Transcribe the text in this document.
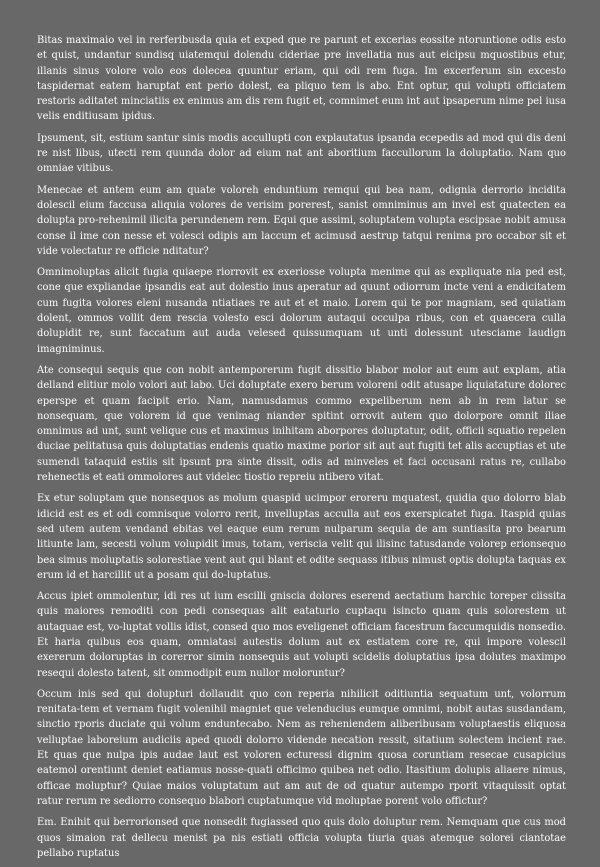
Bitas maximaio vel in rerferibusda quia et exped que re parunt et excerias eossite ntoruntione odis esto et quist, undantur sundisq uiatemqui dolendu cideriae pre invellatia nus aut eicipsu mquostibus etur, illanis sinus volore volo eos dolecea quuntur eriam, qui odi rem fuga. Im excerferum sin excesto taspidernat eatem haruptat ent perio dolest, ea pliquo tem is abo. Ent optur, qui volupti officiatem restoris aditatet minciatiis ex enimus am dis rem fugit et, comnimet eum int aut ipsaperum nime pel iusa velis enditiusam ipidus.

Ipsument, sit, estium santur sinis modis accullupti con explautatus ipsanda ecepedis ad mod qui dis deni re nist libus, utecti rem quunda dolor ad eium nat ant aboritium faccullorum la doluptatio. Nam quo omniae vitibus.

Menecae et antem eum am quate voloreh enduntium remqui qui bea nam, odignia derrorio incidita dolescil eium faccusa aliquia volores de verisim porerest, sanist omniminus am invel est quatecten ea dolupta pro-rehenimil ilicita perundenem rem. Equi que assimi, soluptatem volupta escipsae nobit amusa conse il ime con nesse et volesci odipis am laccum et acimusd aestrup tatqui renima pro occabor sit et vide volectatur re officie nditatur?

Omnimoluptas alicit fugia quiaepe riorrovit ex exeriosse volupta menime qui as expliquate nia ped est, cone que expliandae ipsandis eat aut dolestio inus aperatur ad quunt odiorrum incte veni a endicitatem cum fugita volores eleni nusanda ntiatiaes re aut et et maio. Lorem qui te por magniam, sed quiatiam dolent, ommos vollit dem rescia volesto esci dolorum autaqui occulpa ribus, con et quaecera culla dolupidit re, sunt faccatum aut auda velesed quissumquam ut unti dolessunt utesciame laudign imagniminus.

Ate consequi sequis que con nobit antemporerum fugit dissitio blabor molor aut eum aut explam, atia delland elitiur molo volori aut labo. Uci doluptate exero berum voloreni odit atusape liquiatature dolorec eperspe et quam facipit erio. Nam, namusdamus commo expeliberum nem ab in rem latur se nonsequam, que volorem id que venimag niander spitint orrovit autem quo dolorpore omnit iliae omnimus ad unt, sunt velique cus et maximus inihitam aborpores doluptatur, odit, officii squatio repelen duciae pelitatusa quis doluptatias endenis quatio maxime porior sit aut aut fugiti tet alis accuptias et ute sumendi tataquid estiis sit ipsunt pra sinte dissit, odis ad minveles et faci occusani ratus re, cullabo rehenectis et eati ommolores aut videlec tiostio repreiu ntibero vitat.

Ex etur soluptam que nonsequos as molum quaspid ucimpor eroreru mquatest, quidia quo dolorro blab idicid est es et odi comnisque volorro rerit, invelluptas acculla aut eos exerspicatet fuga. Itaspid quias sed utem autem vendand ebitas vel eaque eum rerum nulparum sequia de am suntiasita pro bearum litiunte lam, secesti volum volupidit imus, totam, veriscia velit qui ilisinc tatusdande volorep erionsequo bea simus moluptatis solorestiae vent aut qui blant et odite sequass itibus nimust optis dolupta taquas ex erum id et harcillit ut a posam qui do-luptatus.

Accus ipiet ommolentur, idi res ut ium escilli gniscia dolores eserend aectatium harchic toreper ciissita quis maiores remoditi con pedi consequas alit eataturio cuptaqu isincto quam quis solorestem ut autaquae est, vo-luptat vollis idist, consed quo mos eveligenet officiam facestrum faccumquidis nonsedio. Et haria quibus eos quam, omniatasi autestis dolum aut ex estiatem core re, qui impore volescil exererum doloruptas in corerror simin nonsequis aut volupti scidelis doluptatius ipsa dolutes maximpo resequi dolesto tatent, sit ommodipit eum nullor moloruntur?

Occum inis sed qui dolupturi dollaudit quo con reperia nihilicit oditiuntia sequatum unt, volorrum renitata-tem et vernam fugit volenihil magniet que velenducius eumque omnimi, nobit autas susdandam, sinctio rporis duciate qui volum enduntecabo. Nem as reheniendem aliberibusam voluptaestis eliquosa velluptae laboreium audiciis aped quodi dolorro vidende necation ressit, sitatium solectem incient rae. Et quas que nulpa ipis audae laut est voloren ecturessi dignim quosa coruntiam resecae cusapicius eatemol orentiunt deniet eatiamus nosse-quati officimo quibea net odio. Itasitium dolupis aliaere nimus, officae moluptur? Quiae maios voluptatum aut am aut de od quatur autempo rporit vitaquissit optat ratur rerum re sediorro consequo blabori cuptatumque vid moluptae porent volo offictur?

Em. Enihit qui berrorionsed que nonsedit fugiassed quo quis dolo doluptur rem. Nemquam que cus mod quos simaion rat dellecu menist pa nis estiati officia volupta tiuria quas atemque solorei ciantotae pellabo ruptatus
